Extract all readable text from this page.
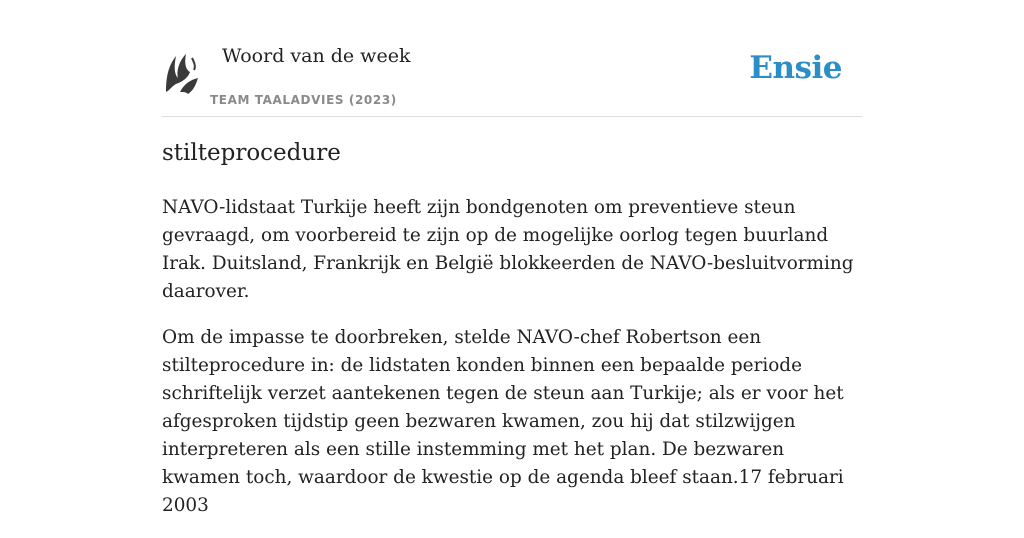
Woord van de week
TEAM TAALADVIES (2023)
Ensie
stilteprocedure

NAVO-lidstaat Turkije heeft zijn bondgenoten om preventieve steun gevraagd, om voorbereid te zijn op de mogelijke oorlog tegen buurland Irak. Duitsland, Frankrijk en België blokkeerden de NAVO-besluitvorming daarover.

Om de impasse te doorbreken, stelde NAVO-chef Robertson een stilteprocedure in: de lidstaten konden binnen een bepaalde periode schriftelijk verzet aantekenen tegen de steun aan Turkije; als er voor het afgesproken tijdstip geen bezwaren kwamen, zou hij dat stilzwijgen interpreteren als een stille instemming met het plan. De bezwaren kwamen toch, waardoor de kwestie op de agenda bleef staan.17 februari 2003
